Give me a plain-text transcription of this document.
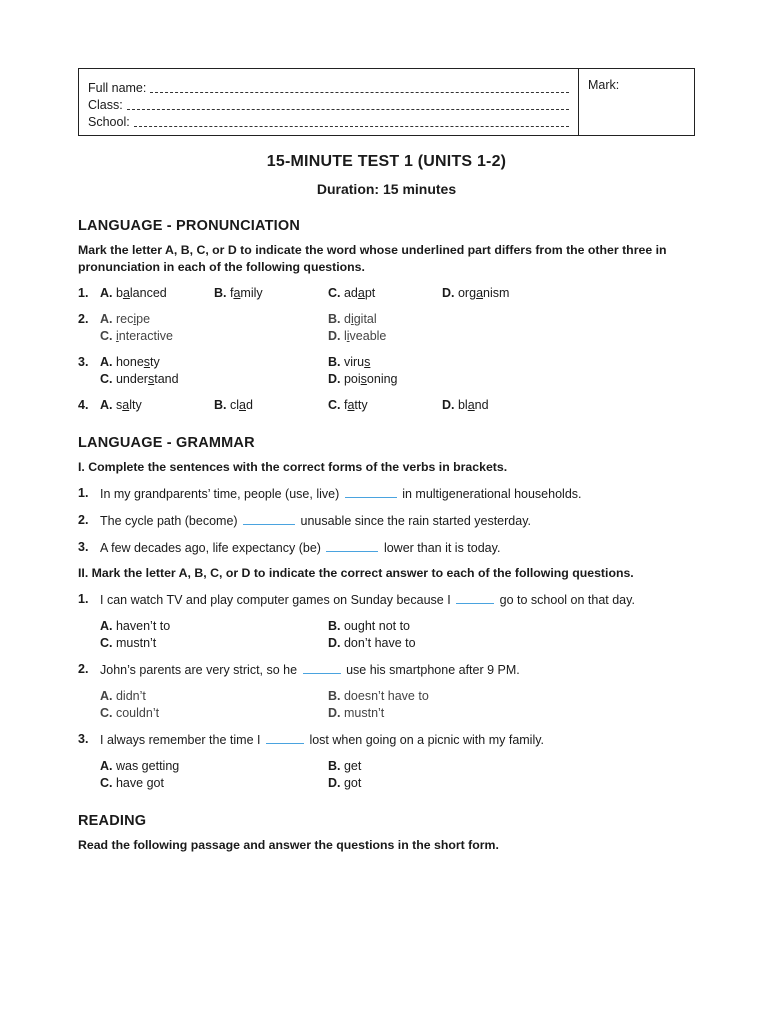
Full name:
Class:
School:
Mark:
15-MINUTE TEST 1 (UNITS 1-2)
Duration: 15 minutes
LANGUAGE - PRONUNCIATION
Mark the letter A, B, C, or D to indicate the word whose underlined part differs from the other three in pronunciation in each of the following questions.
1. A. balanced	B. family	C. adapt	D. organism
2. A. recipe	B. digital
C. interactive	D. liveable
3. A. honesty	B. virus
C. understand	D. poisoning
4. A. salty	B. clad	C. fatty	D. bland
LANGUAGE - GRAMMAR
I. Complete the sentences with the correct forms of the verbs in brackets.
1. In my grandparents’ time, people (use, live)	in multigenerational households.
2. The cycle path (become)	unusable since the rain started yesterday.
3. A few decades ago, life expectancy (be)	lower than it is today.
II. Mark the letter A, B, C, or D to indicate the correct answer to each of the following questions.
1. I can watch TV and play computer games on Sunday because I	go to school on that day.
A. haven’t to	B. ought not to
C. mustn’t	D. don’t have to
2. John’s parents are very strict, so he	use his smartphone after 9 PM.
A. didn’t	B. doesn’t have to
C. couldn’t	D. mustn’t
3. I always remember the time I	lost when going on a picnic with my family.
A. was getting	B. get
C. have got	D. got
READING
Read the following passage and answer the questions in the short form.
